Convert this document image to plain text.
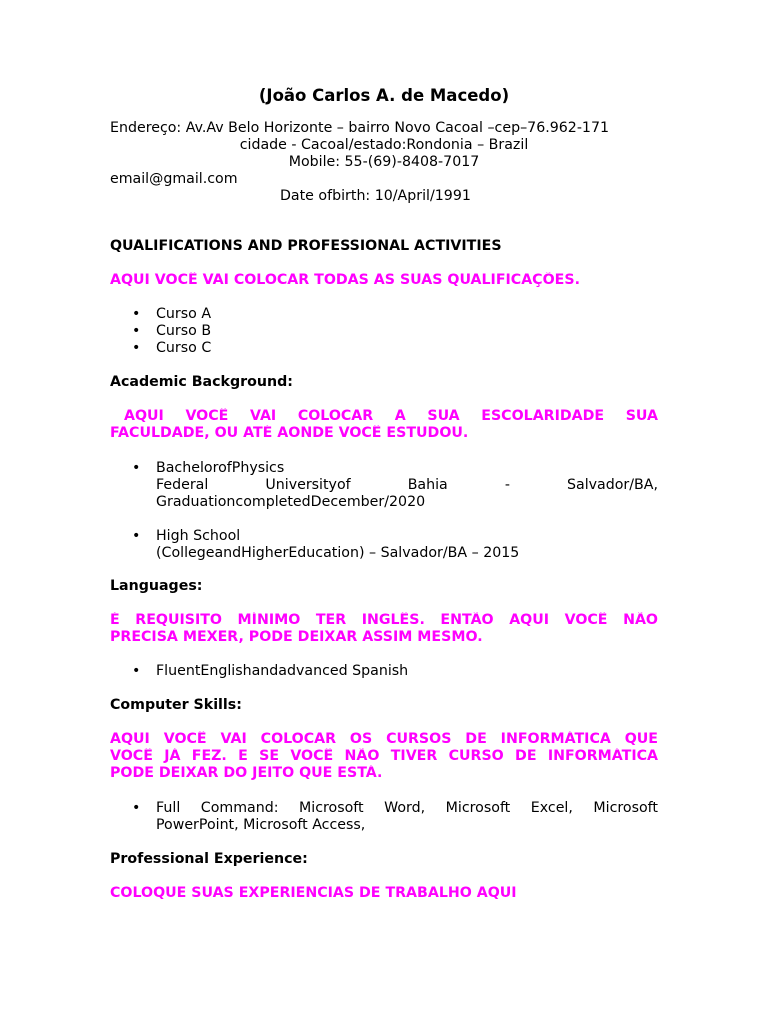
(João Carlos A. de Macedo)

Endereço: Av.Av Belo Horizonte – bairro Novo Cacoal –cep–76.962-171

cidade - Cacoal/estado:Rondonia – Brazil

Mobile: 55-(69)-8408-7017

email@gmail.com

Date ofbirth: 10/April/1991

QUALIFICATIONS AND PROFESSIONAL ACTIVITIES

AQUI VOCÊ VAI COLOCAR TODAS AS SUAS QUALIFICAÇÕES.

• Curso A
• Curso B
• Curso C

Academic Background:

AQUI VOCÊ VAI COLOCAR A SUA ESCOLARIDADE SUA
FACULDADE, OU ATÉ AONDE VOCÊ ESTUDOU.

• BachelorofPhysics
Federal Universityof Bahia - Salvador/BA,
GraduationcompletedDecember/2020
• High School
(CollegeandHigherEducation) – Salvador/BA – 2015

Languages:

É REQUISITO MÍNIMO TER INGLÊS. ENTÃO AQUI VOCÊ NÃO
PRECISA MEXER, PODE DEIXAR ASSIM MESMO.

• FluentEnglishandadvanced Spanish

Computer Skills:

AQUI VOCÊ VAI COLOCAR OS CURSOS DE INFORMÁTICA QUE
VOCÊ JÁ FEZ. E SE VOCÊ NÃO TIVER CURSO DE INFORMÁTICA
PODE DEIXAR DO JEITO QUE ESTÁ.

• Full Command: Microsoft Word, Microsoft Excel, Microsoft
PowerPoint, Microsoft Access,

Professional Experience:

COLOQUE SUAS EXPERIENCIAS DE TRABALHO AQUI
